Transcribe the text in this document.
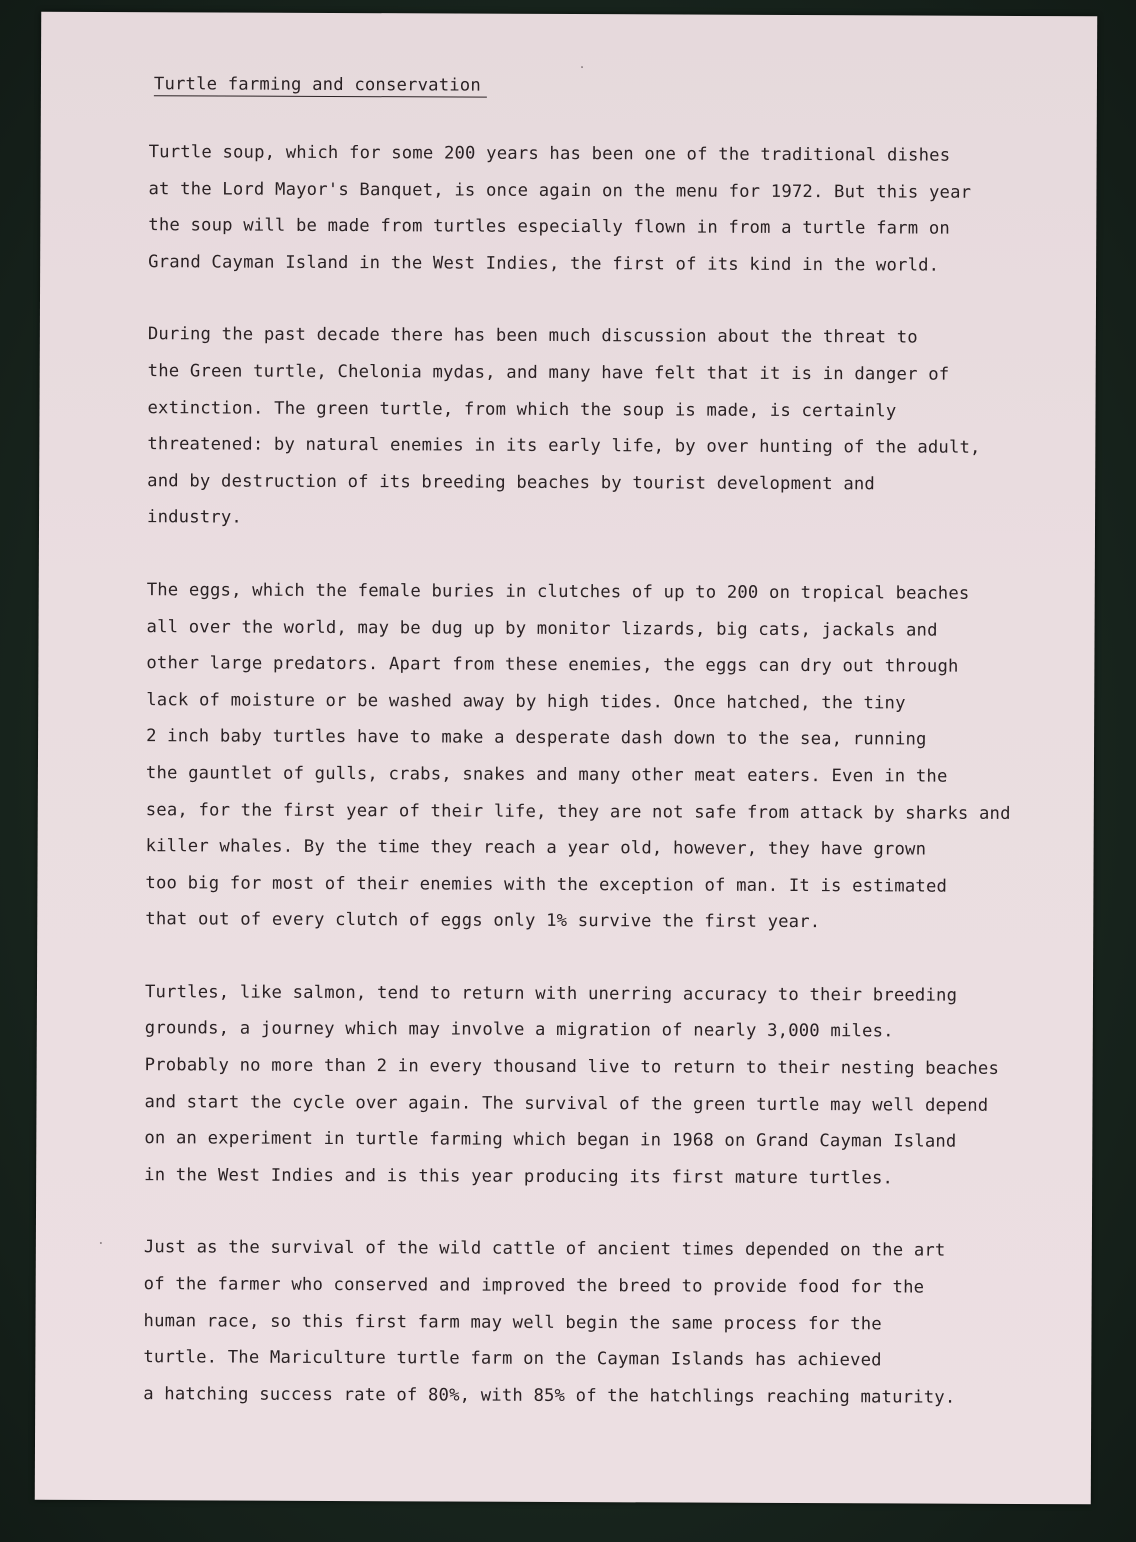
Turtle farming and conservation
Turtle soup, which for some 200 years has been one of the traditional dishes
at the Lord Mayor's Banquet, is once again on the menu for 1972. But this year
the soup will be made from turtles especially flown in from a turtle farm on
Grand Cayman Island in the West Indies, the first of its kind in the world.
During the past decade there has been much discussion about the threat to
the Green turtle, Chelonia mydas, and many have felt that it is in danger of
extinction. The green turtle, from which the soup is made, is certainly
threatened: by natural enemies in its early life, by over hunting of the adult,
and by destruction of its breeding beaches by tourist development and
industry.
The eggs, which the female buries in clutches of up to 200 on tropical beaches
all over the world, may be dug up by monitor lizards, big cats, jackals and
other large predators. Apart from these enemies, the eggs can dry out through
lack of moisture or be washed away by high tides. Once hatched, the tiny
2 inch baby turtles have to make a desperate dash down to the sea, running
the gauntlet of gulls, crabs, snakes and many other meat eaters. Even in the
sea, for the first year of their life, they are not safe from attack by sharks and
killer whales. By the time they reach a year old, however, they have grown
too big for most of their enemies with the exception of man. It is estimated
that out of every clutch of eggs only 1% survive the first year.
Turtles, like salmon, tend to return with unerring accuracy to their breeding
grounds, a journey which may involve a migration of nearly 3,000 miles.
Probably no more than 2 in every thousand live to return to their nesting beaches
and start the cycle over again. The survival of the green turtle may well depend
on an experiment in turtle farming which began in 1968 on Grand Cayman Island
in the West Indies and is this year producing its first mature turtles.
Just as the survival of the wild cattle of ancient times depended on the art
of the farmer who conserved and improved the breed to provide food for the
human race, so this first farm may well begin the same process for the
turtle. The Mariculture turtle farm on the Cayman Islands has achieved
a hatching success rate of 80%, with 85% of the hatchlings reaching maturity.
